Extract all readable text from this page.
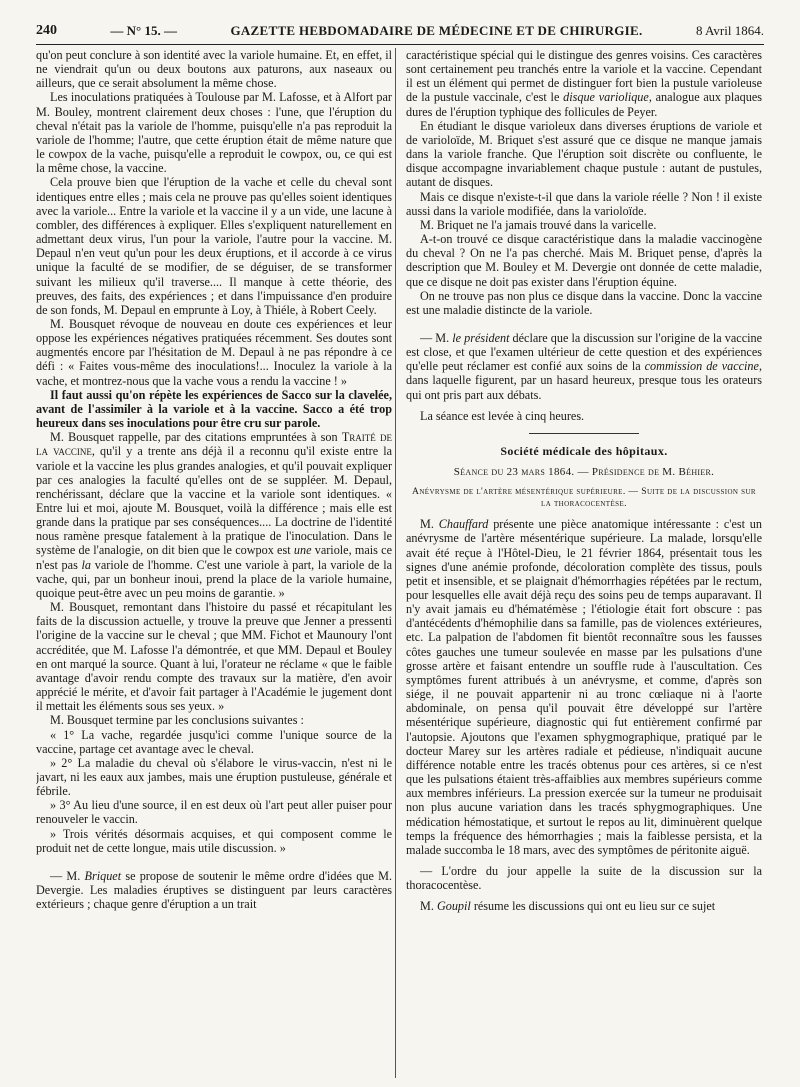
240	— N° 15. —	GAZETTE HEBDOMADAIRE DE MÉDECINE ET DE CHIRURGIE.	8 Avril 1864.

qu'on peut conclure à son identité avec la variole humaine. Et, en effet, il ne viendrait qu'un ou deux boutons aux paturons, aux naseaux ou ailleurs, que ce serait absolument la même chose.

Les inoculations pratiquées à Toulouse par M. Lafosse, et à Alfort par M. Bouley, montrent clairement deux choses : l'une, que l'éruption du cheval n'était pas la variole de l'homme, puisqu'elle n'a pas reproduit la variole de l'homme; l'autre, que cette éruption était de même nature que le cowpox de la vache, puisqu'elle a reproduit le cowpox, ou, ce qui est la même chose, la vaccine.

Cela prouve bien que l'éruption de la vache et celle du cheval sont identiques entre elles ; mais cela ne prouve pas qu'elles soient identiques avec la variole... Entre la variole et la vaccine il y a un vide, une lacune à combler, des différences à expliquer. Elles s'expliquent naturellement en admettant deux virus, l'un pour la variole, l'autre pour la vaccine. M. Depaul n'en veut qu'un pour les deux éruptions, et il accorde à ce virus unique la faculté de se modifier, de se déguiser, de se transformer suivant les milieux qu'il traverse.... Il manque à cette théorie, des preuves, des faits, des expériences ; et dans l'impuissance d'en produire de son fonds, M. Depaul en emprunte à Loy, à Thiéle, à Robert Ceely.

M. Bousquet révoque de nouveau en doute ces expériences et leur oppose les expériences négatives pratiquées récemment. Ses doutes sont augmentés encore par l'hésitation de M. Depaul à ne pas répondre à ce défi : « Faites vous-même des inoculations!... Inoculez la variole à la vache, et montrez-nous que la vache vous a rendu la vaccine ! »

Il faut aussi qu'on répète les expériences de Sacco sur la clavelée, avant de l'assimiler à la variole et à la vaccine. Sacco a été trop heureux dans ses inoculations pour être cru sur parole.

M. Bousquet rappelle, par des citations empruntées à son Traité de la vaccine, qu'il y a trente ans déjà il a reconnu qu'il existe entre la variole et la vaccine les plus grandes analogies, et qu'il pouvait expliquer par ces analogies la faculté qu'elles ont de se suppléer. M. Depaul, renchérissant, déclare que la vaccine et la variole sont identiques. « Entre lui et moi, ajoute M. Bousquet, voilà la différence ; mais elle est grande dans la pratique par ses conséquences.... La doctrine de l'identité nous ramène presque fatalement à la pratique de l'inoculation. Dans le système de l'analogie, on dit bien que le cowpox est une variole, mais ce n'est pas la variole de l'homme. C'est une variole à part, la variole de la vache, qui, par un bonheur inoui, prend la place de la variole humaine, quoique peut-être avec un peu moins de garantie. »

M. Bousquet, remontant dans l'histoire du passé et récapitulant les faits de la discussion actuelle, y trouve la preuve que Jenner a pressenti l'origine de la vaccine sur le cheval ; que MM. Fichot et Maunoury l'ont accréditée, que M. Lafosse l'a démontrée, et que MM. Depaul et Bouley en ont marqué la source. Quant à lui, l'orateur ne réclame « que le faible avantage d'avoir rendu compte des travaux sur la matière, d'en avoir apprécié le mérite, et d'avoir fait partager à l'Académie le jugement dont il mettait les éléments sous ses yeux. »

M. Bousquet termine par les conclusions suivantes :

« 1° La vache, regardée jusqu'ici comme l'unique source de la vaccine, partage cet avantage avec le cheval.

» 2° La maladie du cheval où s'élabore le virus-vaccin, n'est ni le javart, ni les eaux aux jambes, mais une éruption pustuleuse, générale et fébrile.

» 3° Au lieu d'une source, il en est deux où l'art peut aller puiser pour renouveler le vaccin.

» Trois vérités désormais acquises, et qui composent comme le produit net de cette longue, mais utile discussion. »

— M. Briquet se propose de soutenir le même ordre d'idées que M. Devergie. Les maladies éruptives se distinguent par leurs caractères extérieurs ; chaque genre d'éruption a un trait

caractéristique spécial qui le distingue des genres voisins. Ces caractères sont certainement peu tranchés entre la variole et la vaccine. Cependant il est un élément qui permet de distinguer fort bien la pustule varioleuse de la pustule vaccinale, c'est le disque variolique, analogue aux plaques dures de l'éruption typhique des follicules de Peyer.

En étudiant le disque varioleux dans diverses éruptions de variole et de varioloïde, M. Briquet s'est assuré que ce disque ne manque jamais dans la variole franche. Que l'éruption soit discrète ou confluente, le disque accompagne invariablement chaque pustule : autant de pustules, autant de disques.

Mais ce disque n'existe-t-il que dans la variole réelle ? Non ! il existe aussi dans la variole modifiée, dans la varioloïde.

M. Briquet ne l'a jamais trouvé dans la varicelle.

A-t-on trouvé ce disque caractéristique dans la maladie vaccinogène du cheval ? On ne l'a pas cherché. Mais M. Briquet pense, d'après la description que M. Bouley et M. Devergie ont donnée de cette maladie, que ce disque ne doit pas exister dans l'éruption équine.

On ne trouve pas non plus ce disque dans la vaccine. Donc la vaccine est une maladie distincte de la variole.

— M. le président déclare que la discussion sur l'origine de la vaccine est close, et que l'examen ultérieur de cette question et des expériences qu'elle peut réclamer est confié aux soins de la commission de vaccine, dans laquelle figurent, par un hasard heureux, presque tous les orateurs qui ont pris part aux débats.

La séance est levée à cinq heures.

Société médicale des hôpitaux.

Séance du 23 mars 1864. — Présidence de M. Béhier.

Anévrysme de l'artère mésentérique supérieure. — Suite de la discussion sur la thoracocentèse.

M. Chauffard présente une pièce anatomique intéressante : c'est un anévrysme de l'artère mésentérique supérieure. La malade, lorsqu'elle avait été reçue à l'Hôtel-Dieu, le 21 février 1864, présentait tous les signes d'une anémie profonde, décoloration complète des tissus, pouls petit et insensible, et se plaignait d'hémorrhagies répétées par le rectum, pour lesquelles elle avait déjà reçu des soins peu de temps auparavant. Il n'y avait jamais eu d'hématémèse ; l'étiologie était fort obscure : pas d'antécédents d'hémophilie dans sa famille, pas de violences extérieures, etc. La palpation de l'abdomen fit bientôt reconnaître sous les fausses côtes gauches une tumeur soulevée en masse par les pulsations d'une grosse artère et faisant entendre un souffle rude à l'auscultation. Ces symptômes furent attribués à un anévrysme, et comme, d'après son siége, il ne pouvait appartenir ni au tronc cœliaque ni à l'aorte abdominale, on pensa qu'il pouvait être développé sur l'artère mésentérique supérieure, diagnostic qui fut entièrement confirmé par l'autopsie. Ajoutons que l'examen sphygmographique, pratiqué par le docteur Marey sur les artères radiale et pédieuse, n'indiquait aucune différence notable entre les tracés obtenus pour ces artères, si ce n'est que les pulsations étaient très-affaiblies aux membres supérieurs comme aux membres inférieurs. La pression exercée sur la tumeur ne produisait non plus aucune variation dans les tracés sphygmographiques. Une médication hémostatique, et surtout le repos au lit, diminuèrent quelque temps la fréquence des hémorrhagies ; mais la faiblesse persista, et la malade succomba le 18 mars, avec des symptômes de péritonite aiguë.

— L'ordre du jour appelle la suite de la discussion sur la thoracocentèse.

M. Goupil résume les discussions qui ont eu lieu sur ce sujet
